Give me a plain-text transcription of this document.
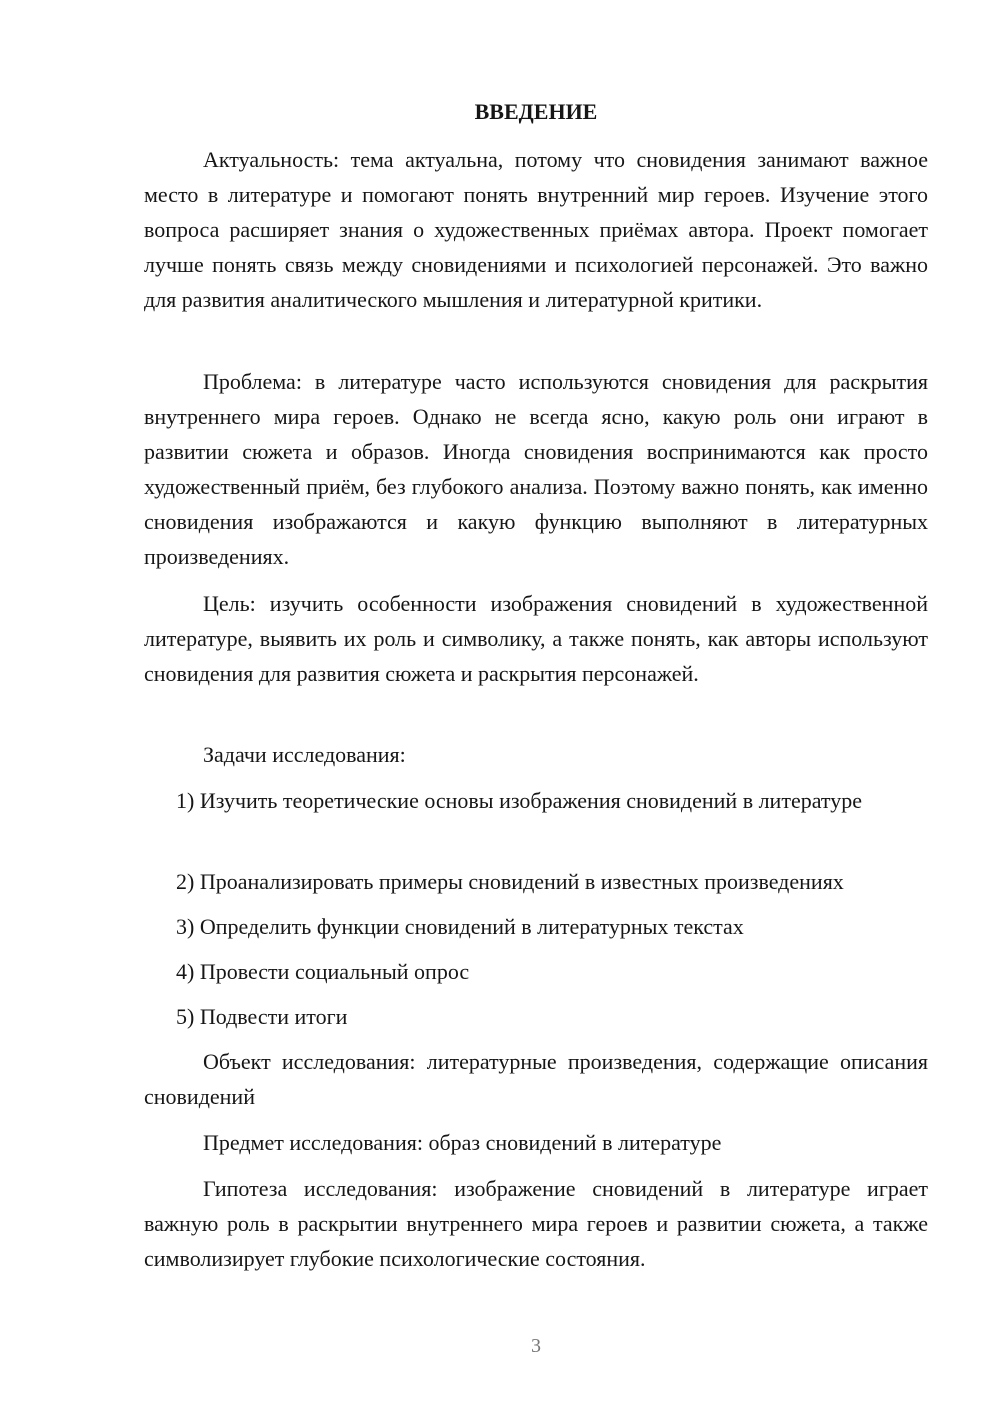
ВВЕДЕНИЕ

Актуальность: тема актуальна, потому что сновидения занимают важное место в литературе и помогают понять внутренний мир героев. Изучение этого вопроса расширяет знания о художественных приёмах автора. Проект помогает лучше понять связь между сновидениями и психологией персонажей. Это важно для развития аналитического мышления и литературной критики.

Проблема: в литературе часто используются сновидения для раскрытия внутреннего мира героев. Однако не всегда ясно, какую роль они играют в развитии сюжета и образов. Иногда сновидения воспринимаются как просто художественный приём, без глубокого анализа. Поэтому важно понять, как именно сновидения изображаются и какую функцию выполняют в литературных произведениях.

Цель: изучить особенности изображения сновидений в художественной литературе, выявить их роль и символику, а также понять, как авторы используют сновидения для развития сюжета и раскрытия персонажей.

Задачи исследования:

1) Изучить теоретические основы изображения сновидений в литературе

2) Проанализировать примеры сновидений в известных произведениях

3) Определить функции сновидений в литературных текстах

4) Провести социальный опрос

5) Подвести итоги

Объект исследования: литературные произведения, содержащие описания сновидений

Предмет исследования: образ сновидений в литературе

Гипотеза исследования: изображение сновидений в литературе играет важную роль в раскрытии внутреннего мира героев и развитии сюжета, а также символизирует глубокие психологические состояния.

3
